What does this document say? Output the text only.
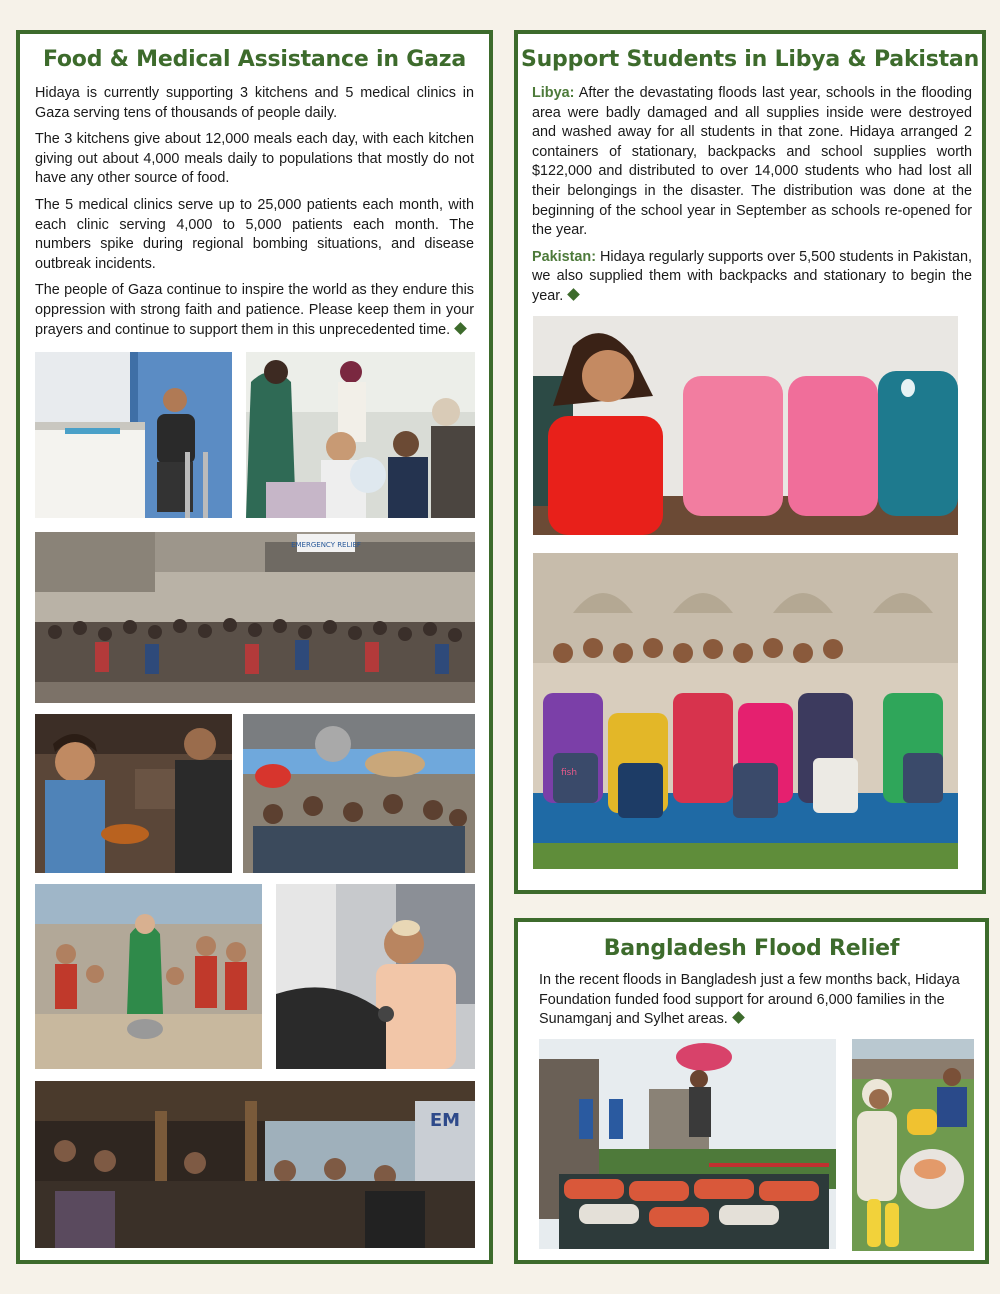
Food & Medical Assistance in Gaza

Hidaya is currently supporting 3 kitchens and 5 medical clinics in Gaza serving tens of thousands of people daily.

The 3 kitchens give about 12,000 meals each day, with each kitchen giving out about 4,000 meals daily to populations that mostly do not have any other source of food.

The 5 medical clinics serve up to 25,000 patients each month, with each clinic serving 4,000 to 5,000 patients each month. The numbers spike during regional bombing situations, and disease outbreak incidents.

The people of Gaza continue to inspire the world as they endure this oppression with strong faith and patience. Please keep them in your prayers and continue to support them in this unprecedented time.

EMERGENCY RELIEF
EM
Support Students in Libya & Pakistan

Libya: After the devastating floods last year, schools in the flooding area were badly damaged and all supplies inside were destroyed and washed away for all students in that zone. Hidaya arranged 2 containers of stationary, backpacks and school supplies worth $122,000 and distributed to over 14,000 students who had lost all their belongings in the disaster. The distribution was done at the beginning of the school year in September as schools re-opened for the year.

Pakistan: Hidaya regularly supports over 5,500 students in Pakistan, we also supplied them with backpacks and stationary to begin the year.

fish
Bangladesh Flood Relief

In the recent floods in Bangladesh just a few months back, Hidaya Foundation funded food support for around 6,000 families in the Sunamganj and Sylhet areas.
